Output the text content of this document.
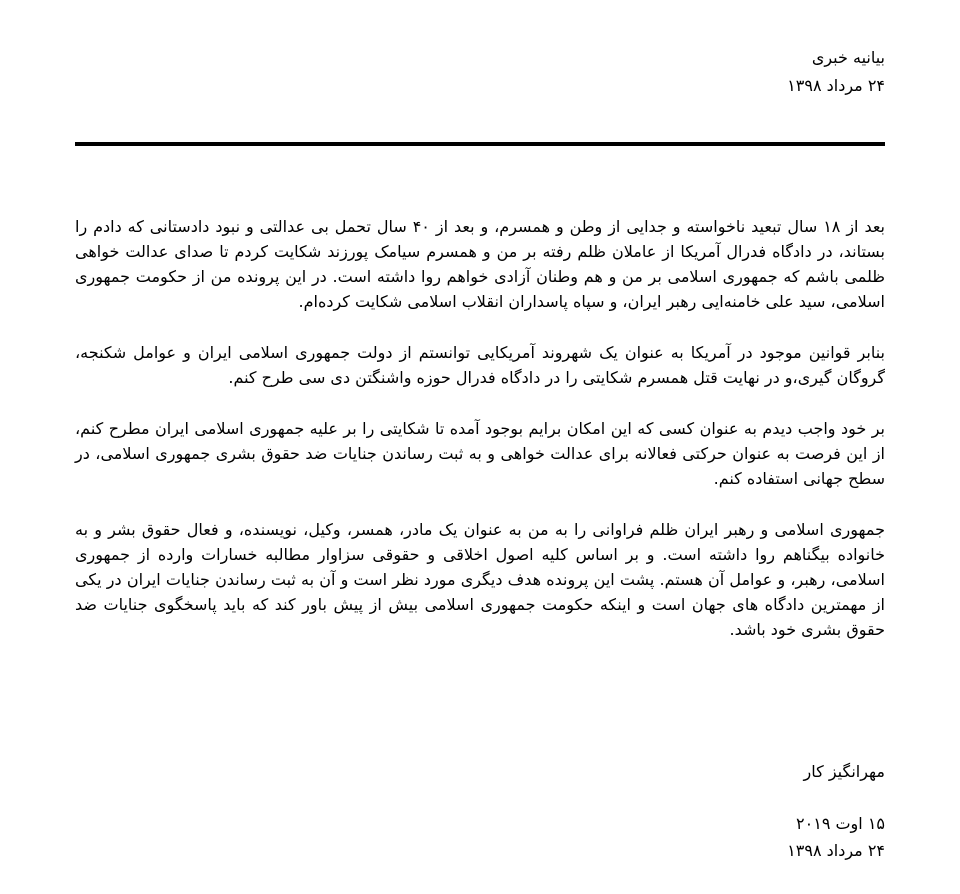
بیانیه خبری
۲۴ مرداد ۱۳۹۸

بعد از ۱۸ سال تبعید ناخواسته و جدایی از وطن و همسرم، و بعد از ۴۰ سال تحمل بی عدالتی و نبود دادستانی که دادم را بستاند، در دادگاه فدرال آمریکا از عاملان ظلم رفته بر من و همسرم سیامک پورزند شکایت کردم تا صدای عدالت خواهی ظلمی باشم که جمهوری اسلامی بر من و هم وطنان آزادی خواهم روا داشته است. در این پرونده من از حکومت جمهوری اسلامی، سید علی خامنه‌ایی رهبر ایران، و سپاه پاسداران انقلاب اسلامی شکایت کرده‌ام.

بنابر قوانین موجود در آمریکا به عنوان یک شهروند آمریکایی توانستم از دولت جمهوری اسلامی ایران و عوامل شکنجه، گروگان گیری،و در نهایت قتل همسرم شکایتی را در دادگاه فدرال حوزه واشنگتن دی سی طرح کنم.

بر خود واجب دیدم به عنوان کسی که این امکان برایم بوجود آمده تا شکایتی را بر علیه جمهوری اسلامی ایران مطرح کنم، از این فرصت به عنوان حرکتی فعالانه برای عدالت خواهی و به ثبت رساندن جنایات ضد حقوق بشری جمهوری اسلامی، در سطح جهانی استفاده کنم.

جمهوری اسلامی و رهبر ایران ظلم فراوانی را به من به عنوان یک مادر، همسر، وکیل، نویسنده، و فعال حقوق بشر و به خانواده بیگناهم روا داشته است. و بر اساس کلیه اصول اخلاقی و حقوقی سزاوار مطالبه خسارات وارده از جمهوری اسلامی، رهبر، و عوامل آن هستم. پشت این پرونده هدف دیگری مورد نظر است و آن به ثبت رساندن جنایات ایران در یکی از مهمترین دادگاه های جهان است و اینکه حکومت جمهوری اسلامی بیش از پیش باور کند که باید پاسخگوی جنایات ضد حقوق بشری خود باشد.

مهرانگیز کار
۱۵ اوت ۲۰۱۹
۲۴ مرداد ۱۳۹۸
